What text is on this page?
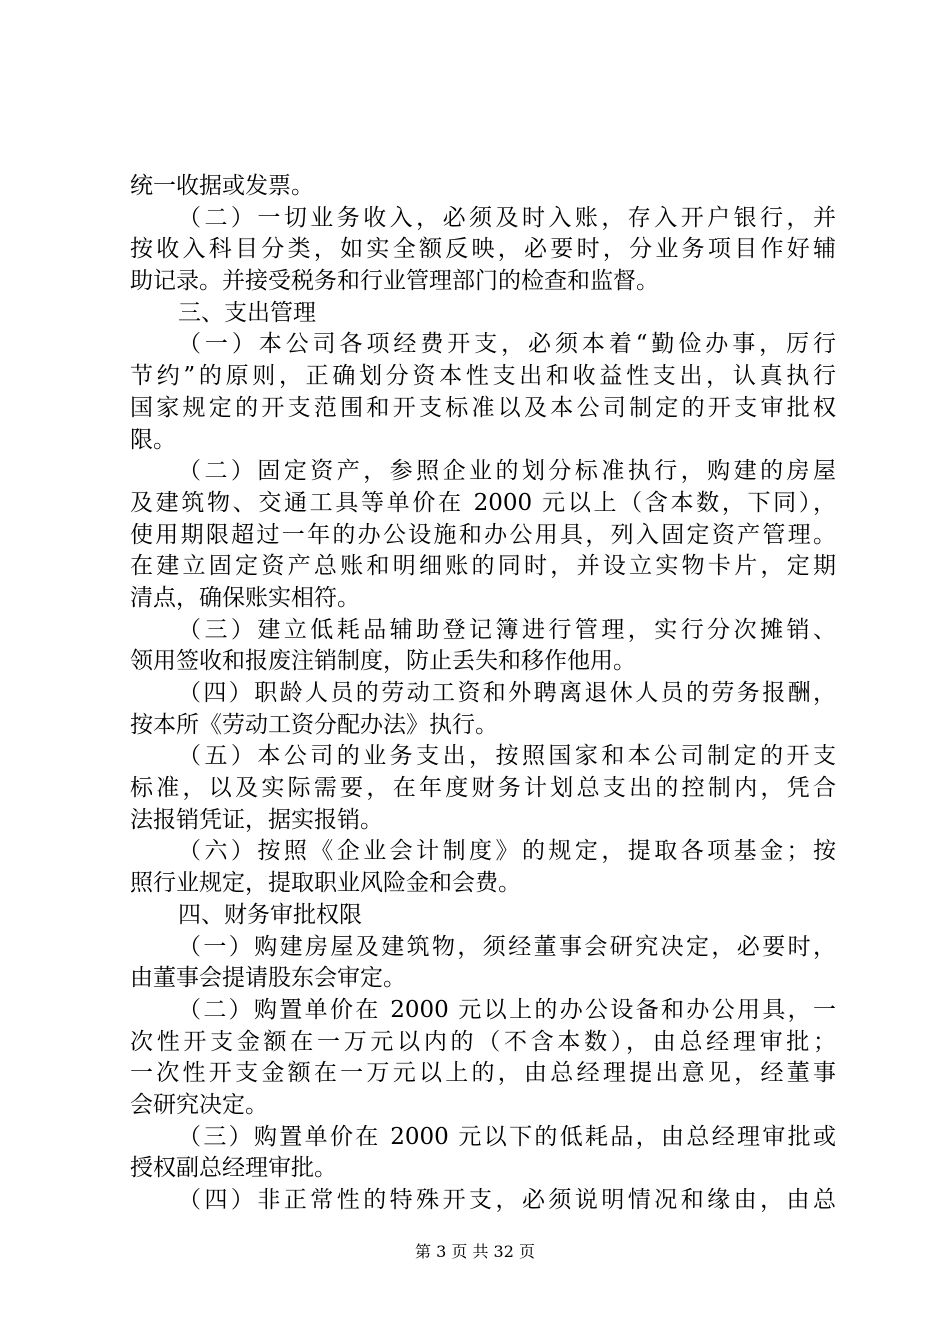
统一收据或发票。
（二）一切业务收入，必须及时入账，存入开户银行，并
按收入科目分类，如实全额反映，必要时，分业务项目作好辅
助记录。并接受税务和行业管理部门的检查和监督。
三、支出管理
（一）本公司各项经费开支，必须本着“勤俭办事，厉行
节约”的原则，正确划分资本性支出和收益性支出，认真执行
国家规定的开支范围和开支标准以及本公司制定的开支审批权
限。
（二）固定资产，参照企业的划分标准执行，购建的房屋
及建筑物、交通工具等单价在 2000 元以上（含本数，下同），
使用期限超过一年的办公设施和办公用具，列入固定资产管理。
在建立固定资产总账和明细账的同时，并设立实物卡片，定期
清点，确保账实相符。
（三）建立低耗品辅助登记簿进行管理，实行分次摊销、
领用签收和报废注销制度，防止丢失和移作他用。
（四）职龄人员的劳动工资和外聘离退休人员的劳务报酬，
按本所《劳动工资分配办法》执行。
（五）本公司的业务支出，按照国家和本公司制定的开支
标准，以及实际需要，在年度财务计划总支出的控制内，凭合
法报销凭证，据实报销。
（六）按照《企业会计制度》的规定，提取各项基金；按
照行业规定，提取职业风险金和会费。
四、财务审批权限
（一）购建房屋及建筑物，须经董事会研究决定，必要时，
由董事会提请股东会审定。
（二）购置单价在 2000 元以上的办公设备和办公用具，一
次性开支金额在一万元以内的（不含本数），由总经理审批；
一次性开支金额在一万元以上的，由总经理提出意见，经董事
会研究决定。
（三）购置单价在 2000 元以下的低耗品，由总经理审批或
授权副总经理审批。
（四）非正常性的特殊开支，必须说明情况和缘由，由总
第 3 页 共 32 页
